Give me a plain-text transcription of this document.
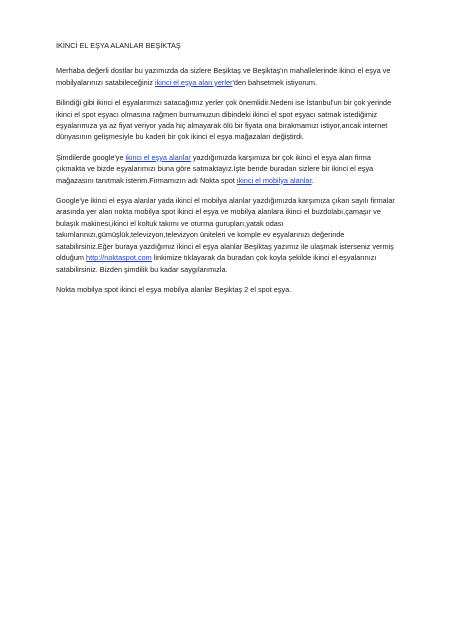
İKİNCİ EL EŞYA ALANLAR BEŞİKTAŞ

Merhaba değerli dostlar bu yazımızda da sizlere Beşiktaş ve Beşiktaş'ın mahallelerinde ikinci el eşya ve mobilyalarınızı satabileceğiniz ikinci el eşya alan yerler'den bahsetmek istiyorum.

Bilindiği gibi ikinci el eşyalarımızı satacağımız yerler çok önemlidir.Nedeni ise İstanbul'un bir çok yerinde ikinci el spot eşyacı olmasına rağmen burnumuzun dibindeki ikinci el spot eşyacı satmak istediğimiz eşyalarımıza ya az fiyat veriyor yada hiç almayarak ölü bir fiyata ona bırakmamızı istiyor,ancak internet dünyasının gelişmesiyle bu kaderi bir çok ikinci el eşya mağazaları değiştirdi.

Şimdilerde google'ye ikinci el eşya alanlar yazdığımızda karşımıza bir çok ikinci el eşya alan firma çıkmakta ve bizde eşyalarımızı buna göre satmaktayız.İşte bende buradan sizlere bir ikinci el eşya mağazasını tanıtmak isterim.Firmamızın adı Nokta spot ikinci el mobilya alanlar.

Google'ye ikinci el eşya alanlar yada ikinci el mobilya alanlar yazdığımızda karşımıza çıkan sayılı firmalar arasında yer alan nokta mobilya spot ikinci el eşya ve mobilya alanlara ikinci el buzdolabı,çamaşır ve bulaşık makinesi,ikinci el koltuk takımı ve oturma gurupları,yatak odası takımlarınızı,gümüşlük,televizyon,televizyon üniteleri ve komple ev eşyalarınızı değerinde satabilirsiniz.Eğer buraya yazdığımız ikinci el eşya alanlar Beşiktaş yazımız ile ulaşmak isterseniz vermiş olduğum http://noktaspot.com linkimize tıklayarak da buradan çok koyla şekilde ikinci el eşyalarınızı satabilirsiniz. Bizden şimdilik bu kadar saygılarımızla.

Nokta mobilya spot ikinci el eşya mobilya alanlar Beşiktaş 2 el spot eşya.
